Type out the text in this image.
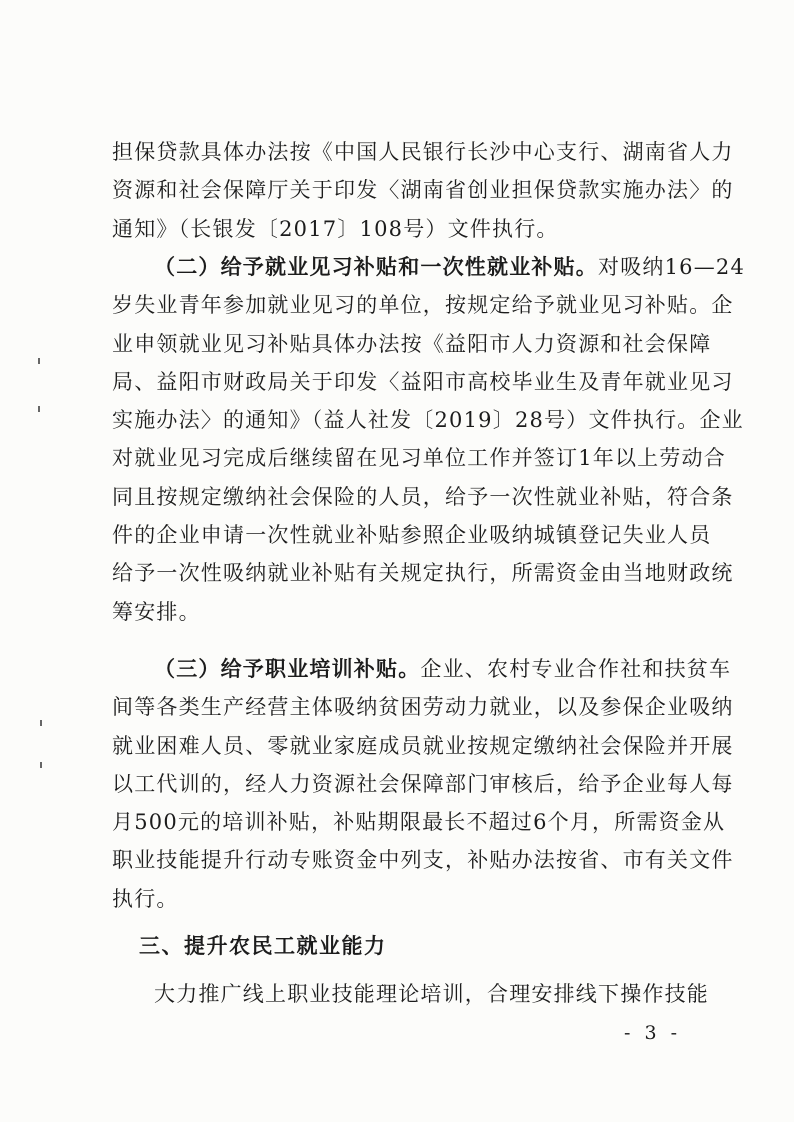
担保贷款具体办法按《中国人民银行长沙中心支行、湖南省人力
资源和社会保障厅关于印发〈湖南省创业担保贷款实施办法〉的
通知》（长银发〔2017〕108号）文件执行。
（二）给予就业见习补贴和一次性就业补贴。对吸纳16—24
岁失业青年参加就业见习的单位，按规定给予就业见习补贴。企
业申领就业见习补贴具体办法按《益阳市人力资源和社会保障
局、益阳市财政局关于印发〈益阳市高校毕业生及青年就业见习
实施办法〉的通知》（益人社发〔2019〕28号）文件执行。企业
对就业见习完成后继续留在见习单位工作并签订1年以上劳动合
同且按规定缴纳社会保险的人员，给予一次性就业补贴，符合条
件的企业申请一次性就业补贴参照企业吸纳城镇登记失业人员
给予一次性吸纳就业补贴有关规定执行，所需资金由当地财政统
筹安排。
（三）给予职业培训补贴。企业、农村专业合作社和扶贫车
间等各类生产经营主体吸纳贫困劳动力就业，以及参保企业吸纳
就业困难人员、零就业家庭成员就业按规定缴纳社会保险并开展
以工代训的，经人力资源社会保障部门审核后，给予企业每人每
月500元的培训补贴，补贴期限最长不超过6个月，所需资金从
职业技能提升行动专账资金中列支，补贴办法按省、市有关文件
执行。
三、提升农民工就业能力
大力推广线上职业技能理论培训，合理安排线下操作技能
- 3 -
